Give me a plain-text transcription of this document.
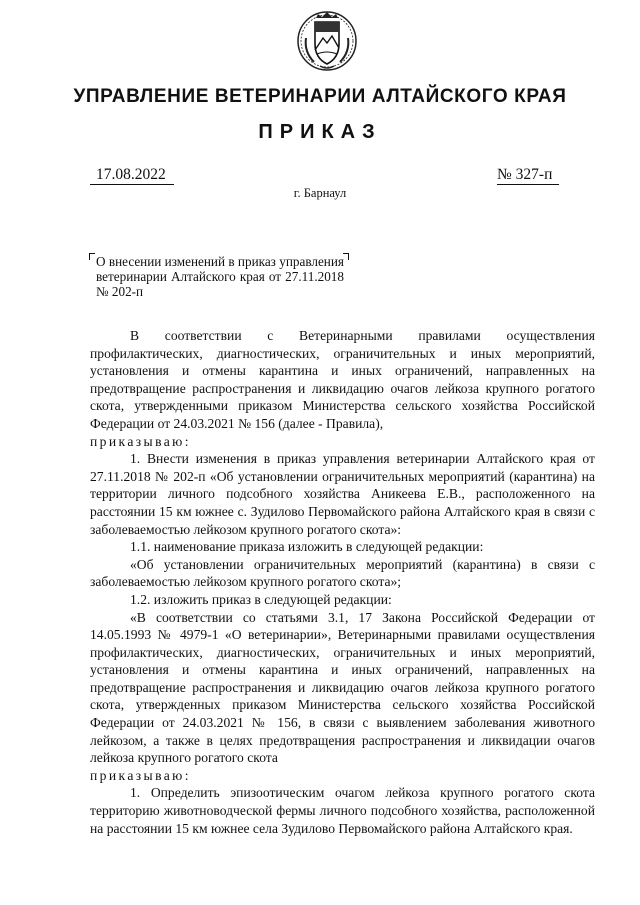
УПРАВЛЕНИЕ ВЕТЕРИНАРИИ АЛТАЙСКОГО КРАЯ
ПРИКАЗ
17.08.2022	№ 327-п
г. Барнаул

О внесении изменений в приказ управления ветеринарии Алтайского края от 27.11.2018 № 202-п

В соответствии с Ветеринарными правилами осуществления профилактических, диагностических, ограничительных и иных мероприятий, установления и отмены карантина и иных ограничений, направленных на предотвращение распространения и ликвидацию очагов лейкоза крупного рогатого скота, утвержденными приказом Министерства сельского хозяйства Российской Федерации от 24.03.2021 № 156 (далее - Правила),

приказываю:

1. Внести изменения в приказ управления ветеринарии Алтайского края от 27.11.2018 № 202-п «Об установлении ограничительных мероприятий (карантина) на территории личного подсобного хозяйства Аникеева Е.В., расположенного на расстоянии 15 км южнее с. Зудилово Первомайского района Алтайского края в связи с заболеваемостью лейкозом крупного рогатого скота»:

1.1. наименование приказа изложить в следующей редакции:

«Об установлении ограничительных мероприятий (карантина) в связи с заболеваемостью лейкозом крупного рогатого скота»;

1.2. изложить приказ в следующей редакции:

«В соответствии со статьями 3.1, 17 Закона Российской Федерации от 14.05.1993 № 4979-1 «О ветеринарии», Ветеринарными правилами осуществления профилактических, диагностических, ограничительных и иных мероприятий, установления и отмены карантина и иных ограничений, направленных на предотвращение распространения и ликвидацию очагов лейкоза крупного рогатого скота, утвержденных приказом Министерства сельского хозяйства Российской Федерации от 24.03.2021 № 156, в связи с выявлением заболевания животного лейкозом, а также в целях предотвращения распространения и ликвидации очагов лейкоза крупного рогатого скота

приказываю:

1. Определить эпизоотическим очагом лейкоза крупного рогатого скота территорию животноводческой фермы личного подсобного хозяйства, расположенной на расстоянии 15 км южнее села Зудилово Первомайского района Алтайского края.
